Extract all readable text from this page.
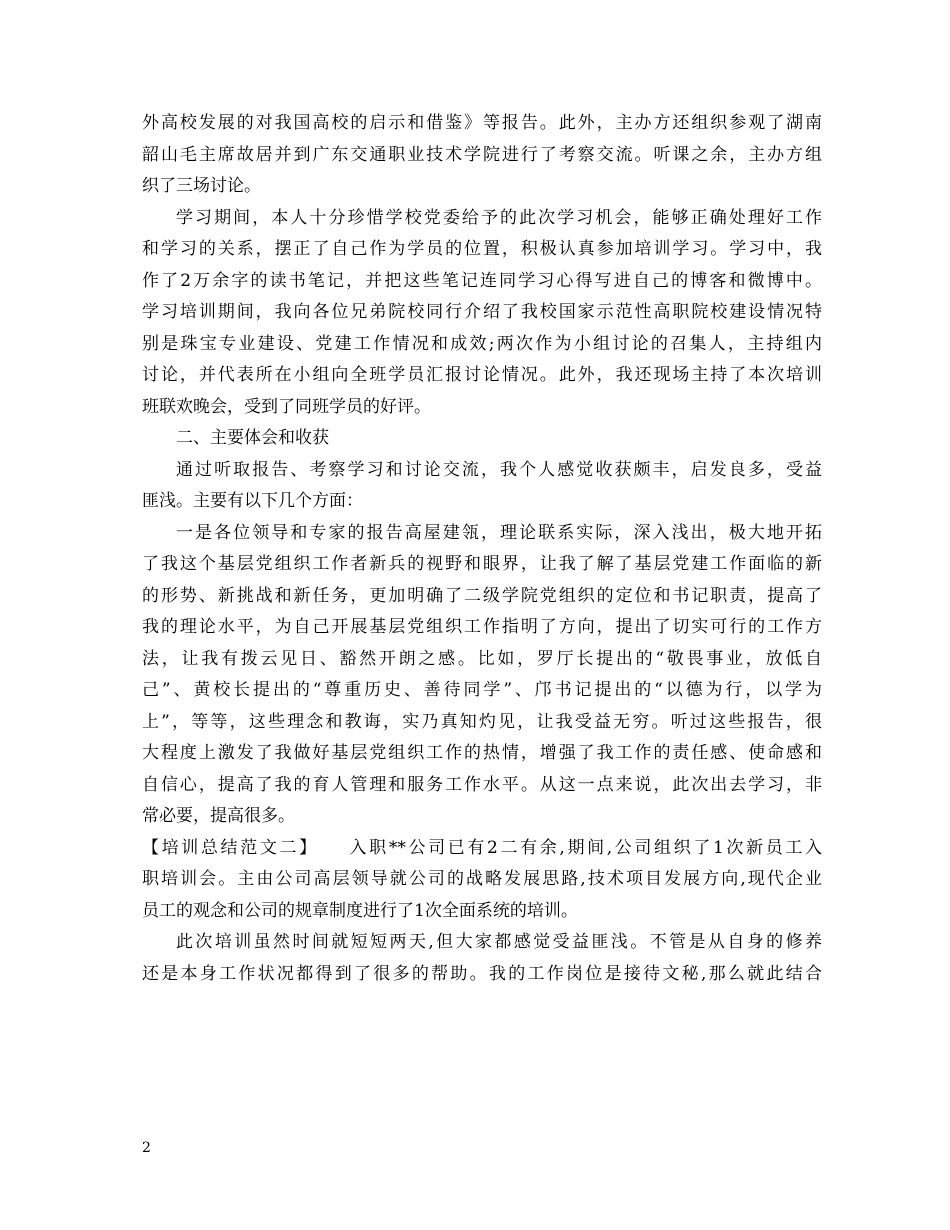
外高校发展的对我国高校的启示和借鉴》等报告。此外，主办方还组织参观了湖南
韶山毛主席故居并到广东交通职业技术学院进行了考察交流。听课之余，主办方组
织了三场讨论。
学习期间，本人十分珍惜学校党委给予的此次学习机会，能够正确处理好工作
和学习的关系，摆正了自己作为学员的位置，积极认真参加培训学习。学习中，我
作了2万余字的读书笔记，并把这些笔记连同学习心得写进自己的博客和微博中。
学习培训期间，我向各位兄弟院校同行介绍了我校国家示范性高职院校建设情况特
别是珠宝专业建设、党建工作情况和成效;两次作为小组讨论的召集人，主持组内
讨论，并代表所在小组向全班学员汇报讨论情况。此外，我还现场主持了本次培训
班联欢晚会，受到了同班学员的好评。
二、主要体会和收获
通过听取报告、考察学习和讨论交流，我个人感觉收获颇丰，启发良多，受益
匪浅。主要有以下几个方面：
一是各位领导和专家的报告高屋建瓴，理论联系实际，深入浅出，极大地开拓
了我这个基层党组织工作者新兵的视野和眼界，让我了解了基层党建工作面临的新
的形势、新挑战和新任务，更加明确了二级学院党组织的定位和书记职责，提高了
我的理论水平，为自己开展基层党组织工作指明了方向，提出了切实可行的工作方
法，让我有拨云见日、豁然开朗之感。比如，罗厅长提出的“敬畏事业，放低自
己”、黄校长提出的“尊重历史、善待同学”、邝书记提出的“以德为行，以学为
上”，等等，这些理念和教诲，实乃真知灼见，让我受益无穷。听过这些报告，很
大程度上激发了我做好基层党组织工作的热情，增强了我工作的责任感、使命感和
自信心，提高了我的育人管理和服务工作水平。从这一点来说，此次出去学习，非
常必要，提高很多。
【培训总结范文二】　　入职**公司已有2二有余,期间,公司组织了1次新员工入
职培训会。主由公司高层领导就公司的战略发展思路,技术项目发展方向,现代企业
员工的观念和公司的规章制度进行了1次全面系统的培训。
此次培训虽然时间就短短两天,但大家都感觉受益匪浅。不管是从自身的修养
还是本身工作状况都得到了很多的帮助。我的工作岗位是接待文秘,那么就此结合
2
